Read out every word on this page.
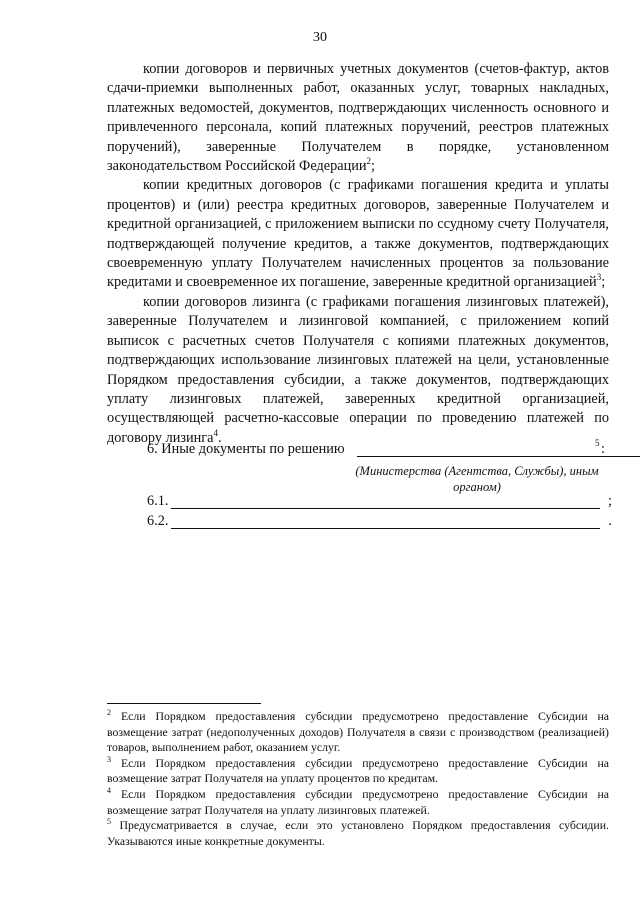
30

копии договоров и первичных учетных документов (счетов-фактур, актов сдачи-приемки выполненных работ, оказанных услуг, товарных накладных, платежных ведомостей, документов, подтверждающих численность основного и привлеченного персонала, копий платежных поручений, реестров платежных поручений), заверенные Получателем в порядке, установленном законодательством Российской Федерации$^2$;

копии кредитных договоров (с графиками погашения кредита и уплаты процентов) и (или) реестра кредитных договоров, заверенные Получателем и кредитной организацией, с приложением выписки по ссудному счету Получателя, подтверждающей получение кредитов, а также документов, подтверждающих своевременную уплату Получателем начисленных процентов за пользование кредитами и своевременное их погашение, заверенные кредитной организацией$^3$;

копии договоров лизинга (с графиками погашения лизинговых платежей), заверенные Получателем и лизинговой компанией, с приложением копий выписок с расчетных счетов Получателя с копиями платежных документов, подтверждающих использование лизинговых платежей на цели, установленные Порядком предоставления субсидии, а также документов, подтверждающих уплату лизинговых платежей, заверенных кредитной организацией, осуществляющей расчетно-кассовые операции по проведению платежей по договору лизинга$^4$.

6. Иные документы по решению	5 :
(Министерства (Агентства, Службы), иным органом)
6.1.	;
6.2.	.

$^2$ Если Порядком предоставления субсидии предусмотрено предоставление Субсидии на возмещение затрат (недополученных доходов) Получателя в связи с производством (реализацией) товаров, выполнением работ, оказанием услуг.

$^3$ Если Порядком предоставления субсидии предусмотрено предоставление Субсидии на возмещение затрат Получателя на уплату процентов по кредитам.

$^4$ Если Порядком предоставления субсидии предусмотрено предоставление Субсидии на возмещение затрат Получателя на уплату лизинговых платежей.

$^5$ Предусматривается в случае, если это установлено Порядком предоставления субсидии. Указываются иные конкретные документы.
